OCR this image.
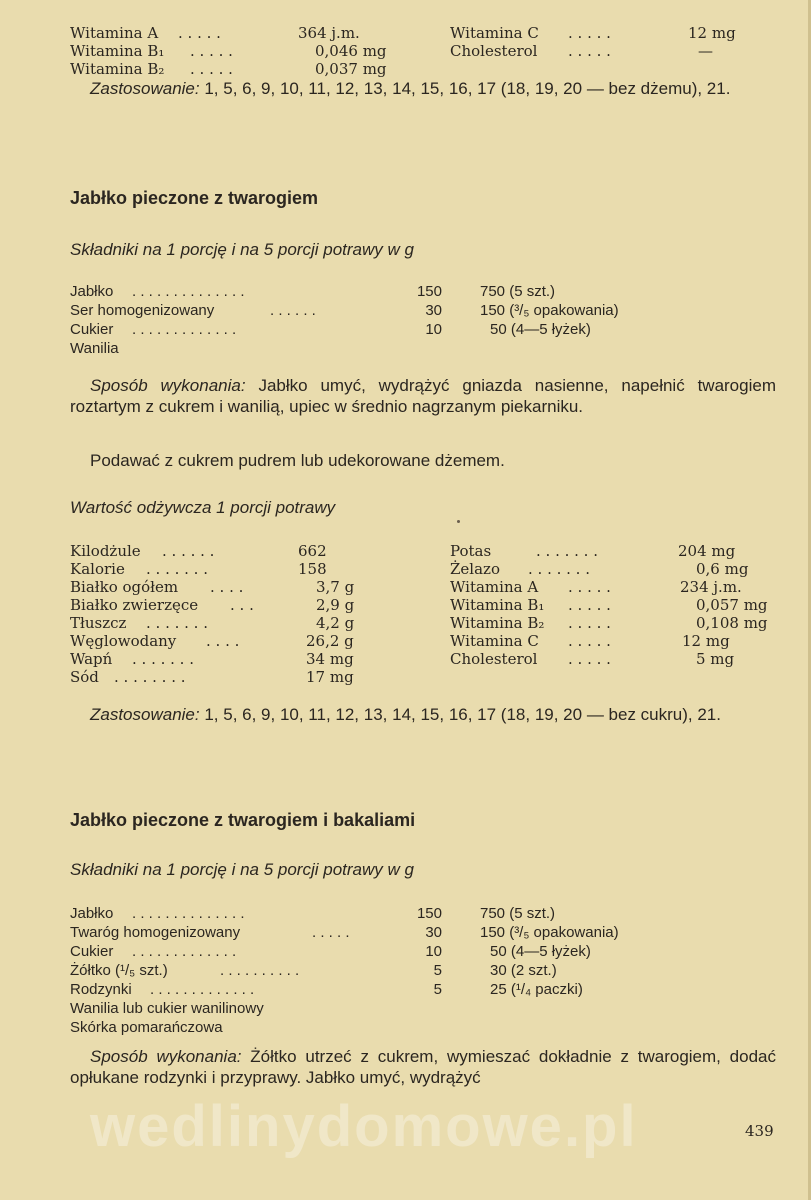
Witamina A . . . . .	364 j.m.	Witamina C . . . . .	12 mg
Witamina B₁ . . . . .	0,046 mg	Cholesterol . . . . .	—
Witamina B₂ . . . . .	0,037 mg

Zastosowanie: 1, 5, 6, 9, 10, 11, 12, 13, 14, 15, 16, 17 (18, 19, 20 — bez dżemu), 21.

Jabłko pieczone z twarogiem
Składniki na 1 porcję i na 5 porcji potrawy w g
Jabłko . . . . . . . . . . . . . .	150	750 (5 szt.)
Ser homogenizowany	. . . . . .	30	150 (³/₅ opakowania)
Cukier . . . . . . . . . . . . .	10	50 (4—5 łyżek)
Wanilia

Sposób wykonania: Jabłko umyć, wydrążyć gniazda nasienne, napełnić twarogiem roztartym z cukrem i wanilią, upiec w średnio nagrzanym piekarniku.

Podawać z cukrem pudrem lub udekorowane dżemem.

Wartość odżywcza 1 porcji potrawy
Kilodżule . . . . . .	662	Potas	. . . . . . .	204 mg
Kalorie . . . . . . .	158	Żelazo . . . . . . .	0,6 mg
Białko ogółem . . . .	3,7 g	Witamina A . . . . .	234 j.m.
Białko zwierzęce . . .	2,9 g	Witamina B₁ . . . . .	0,057 mg
Tłuszcz . . . . . . .	4,2 g	Witamina B₂ . . . . .	0,108 mg
Węglowodany . . . .	26,2 g	Witamina C . . . . .	12 mg
Wapń . . . . . . .	34 mg	Cholesterol . . . . .	5 mg
Sód . . . . . . . .	17 mg

Zastosowanie: 1, 5, 6, 9, 10, 11, 12, 13, 14, 15, 16, 17 (18, 19, 20 — bez cukru), 21.

Jabłko pieczone z twarogiem i bakaliami
Składniki na 1 porcję i na 5 porcji potrawy w g
Jabłko . . . . . . . . . . . . . .	150	750 (5 szt.)
Twaróg homogenizowany	. . . . .	30	150 (³/₅ opakowania)
Cukier . . . . . . . . . . . . .	10	50 (4—5 łyżek)
Żółtko (¹/₅ szt.)	. . . . . . . . . .	5	30 (2 szt.)
Rodzynki . . . . . . . . . . . . .	5	25 (¹/₄ paczki)
Wanilia lub cukier wanilinowy
Skórka pomarańczowa

Sposób wykonania: Żółtko utrzeć z cukrem, wymieszać dokładnie z twarogiem, dodać opłukane rodzynki i przyprawy. Jabłko umyć, wydrążyć

wedlinydomowe.pl	439
